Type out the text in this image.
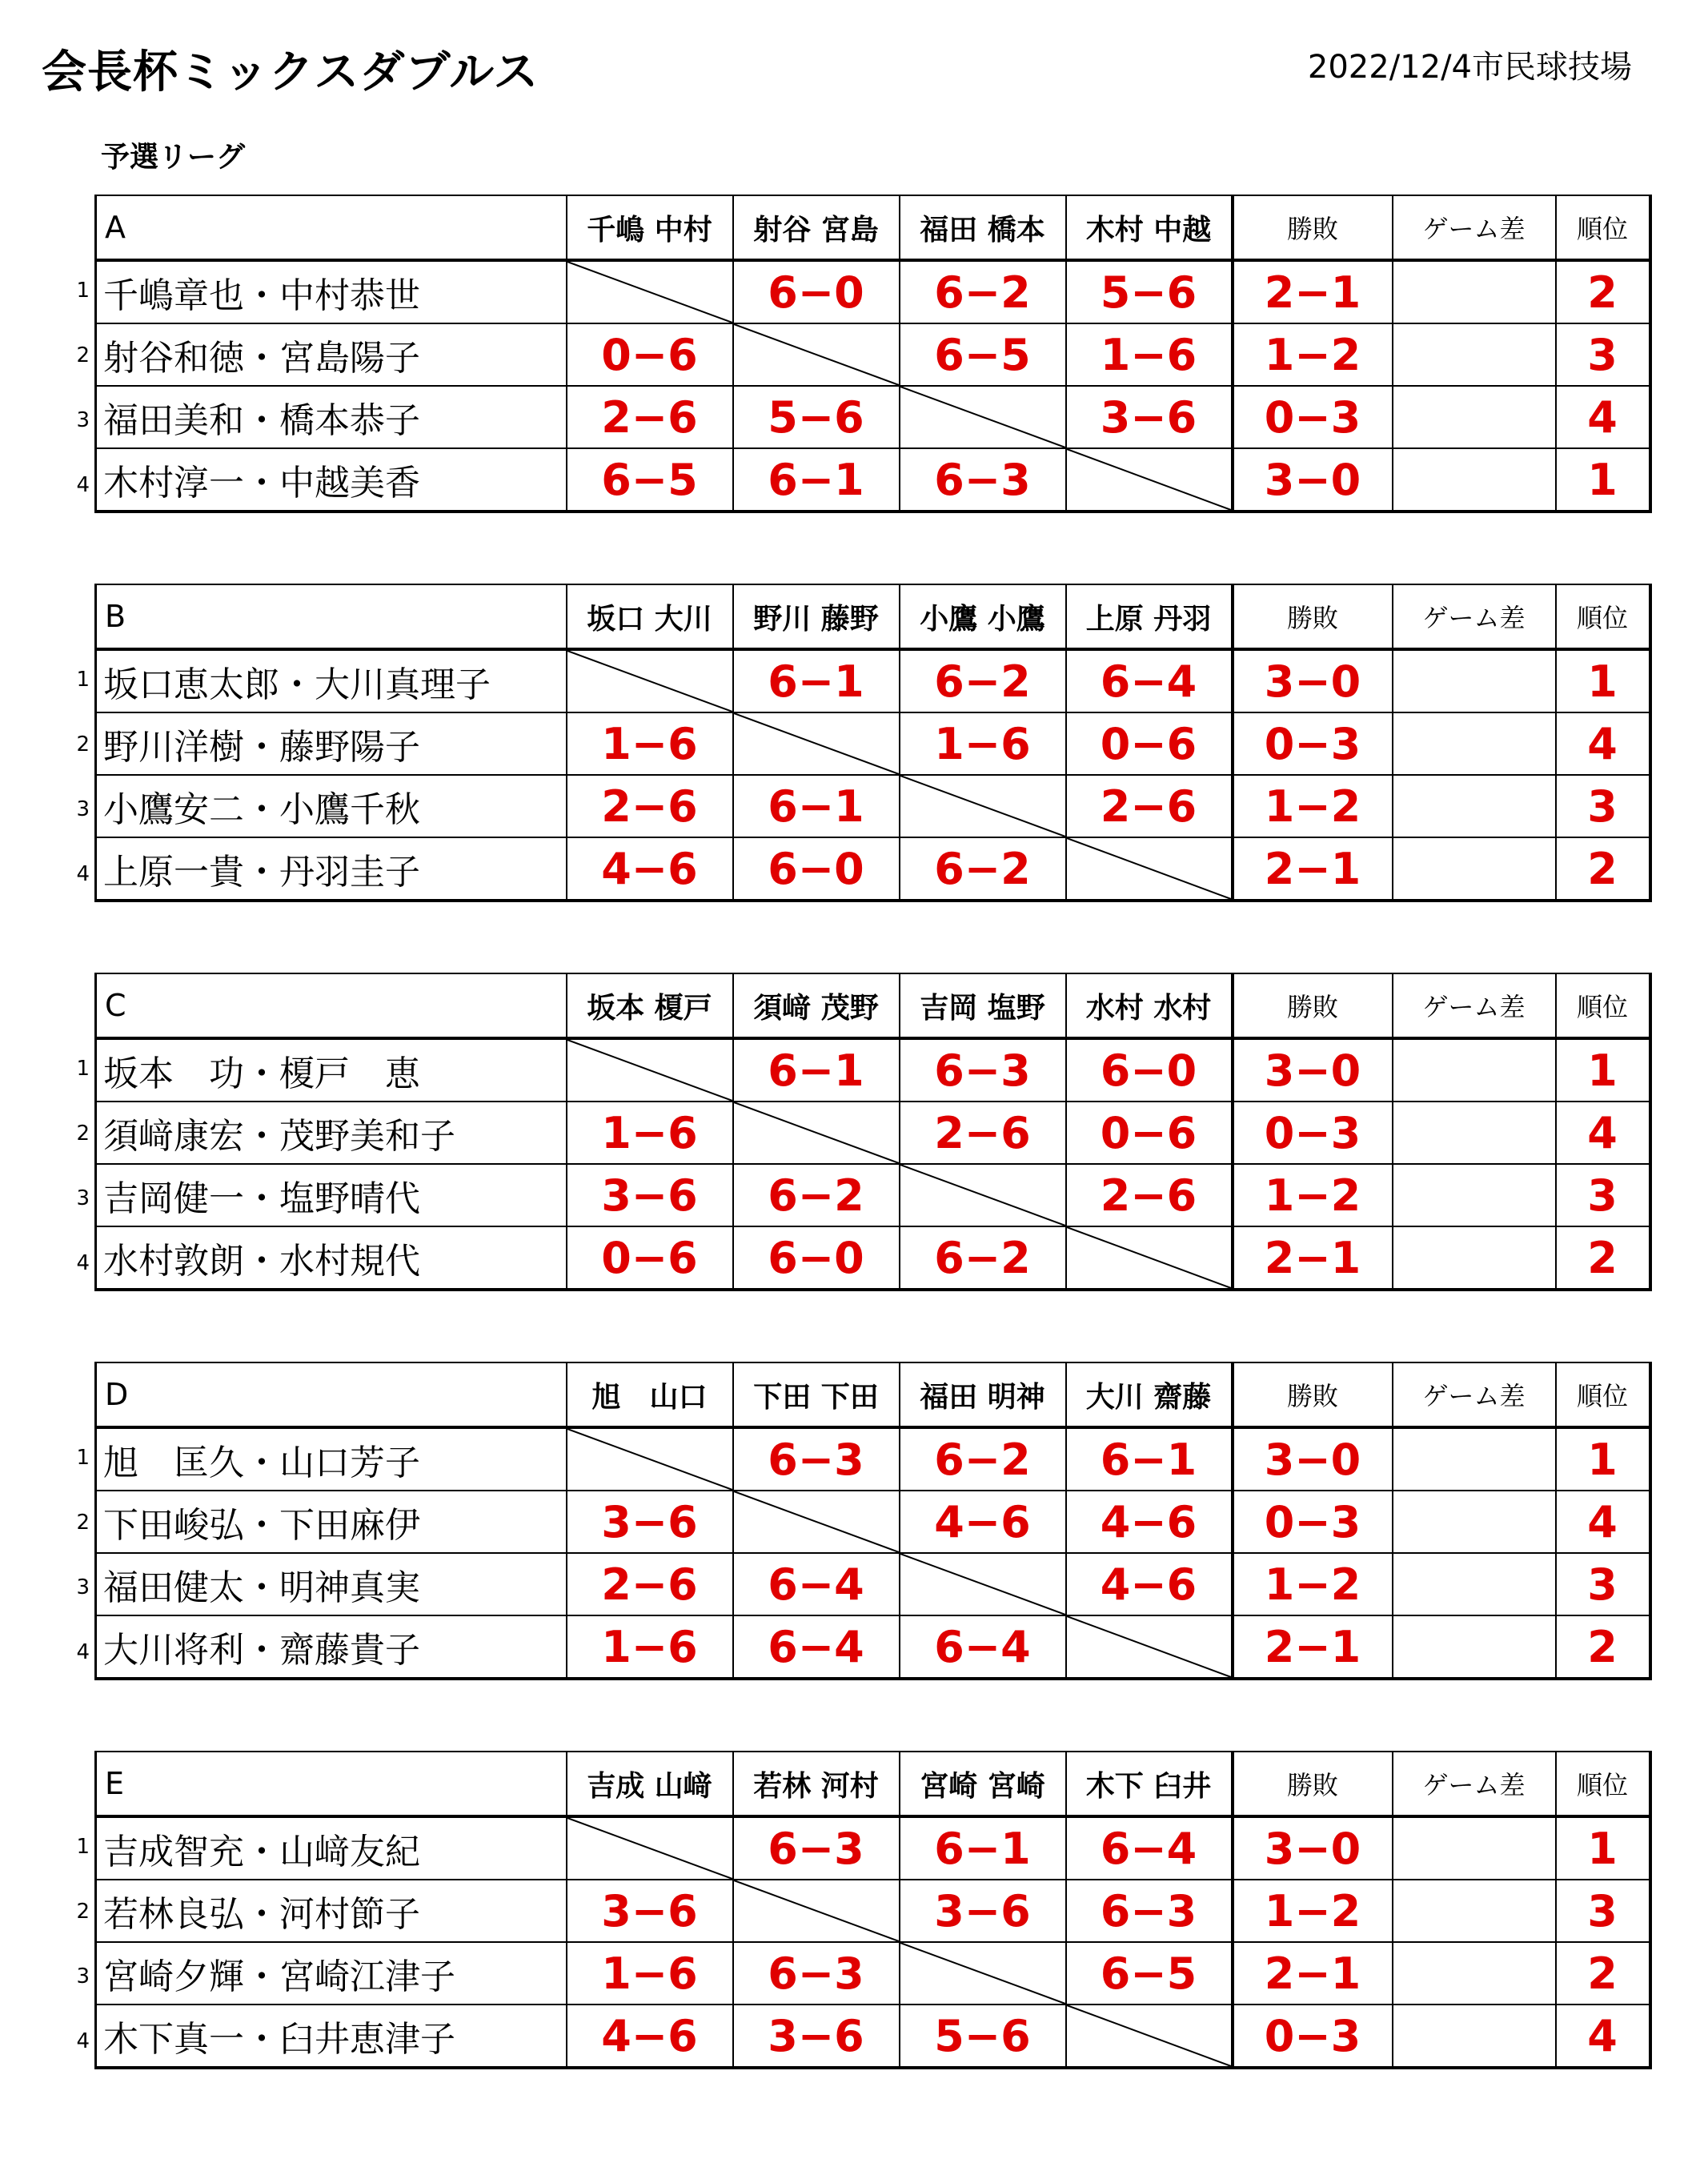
会長杯ミックスダブルス	2022/12/4市民球技場
予選リーグ
1
2
3
4
A	千嶋 中村	射谷 宮島	福田 橋本	木村 中越	勝敗	ゲーム差	順位
千嶋章也・中村恭世		6−0	6−2	5−6	2−1		2
射谷和徳・宮島陽子	0−6		6−5	1−6	1−2		3
福田美和・橋本恭子	2−6	5−6		3−6	0−3		4
木村淳一・中越美香	6−5	6−1	6−3		3−0		1
1
2
3
4
B	坂口 大川	野川 藤野	小鷹 小鷹	上原 丹羽	勝敗	ゲーム差	順位
坂口恵太郎・大川真理子		6−1	6−2	6−4	3−0		1
野川洋樹・藤野陽子	1−6		1−6	0−6	0−3		4
小鷹安二・小鷹千秋	2−6	6−1		2−6	1−2		3
上原一貴・丹羽圭子	4−6	6−0	6−2		2−1		2
1
2
3
4
C	坂本 榎戸	須﨑 茂野	吉岡 塩野	水村 水村	勝敗	ゲーム差	順位
坂本　功・榎戸　恵		6−1	6−3	6−0	3−0		1
須﨑康宏・茂野美和子	1−6		2−6	0−6	0−3		4
吉岡健一・塩野晴代	3−6	6−2		2−6	1−2		3
水村敦朗・水村規代	0−6	6−0	6−2		2−1		2
1
2
3
4
D	旭　山口	下田 下田	福田 明神	大川 齋藤	勝敗	ゲーム差	順位
旭　匡久・山口芳子		6−3	6−2	6−1	3−0		1
下田峻弘・下田麻伊	3−6		4−6	4−6	0−3		4
福田健太・明神真実	2−6	6−4		4−6	1−2		3
大川将利・齋藤貴子	1−6	6−4	6−4		2−1		2
1
2
3
4
E	吉成 山﨑	若林 河村	宮崎 宮崎	木下 臼井	勝敗	ゲーム差	順位
吉成智充・山﨑友紀		6−3	6−1	6−4	3−0		1
若林良弘・河村節子	3−6		3−6	6−3	1−2		3
宮崎夕輝・宮崎江津子	1−6	6−3		6−5	2−1		2
木下真一・臼井恵津子	4−6	3−6	5−6		0−3		4
